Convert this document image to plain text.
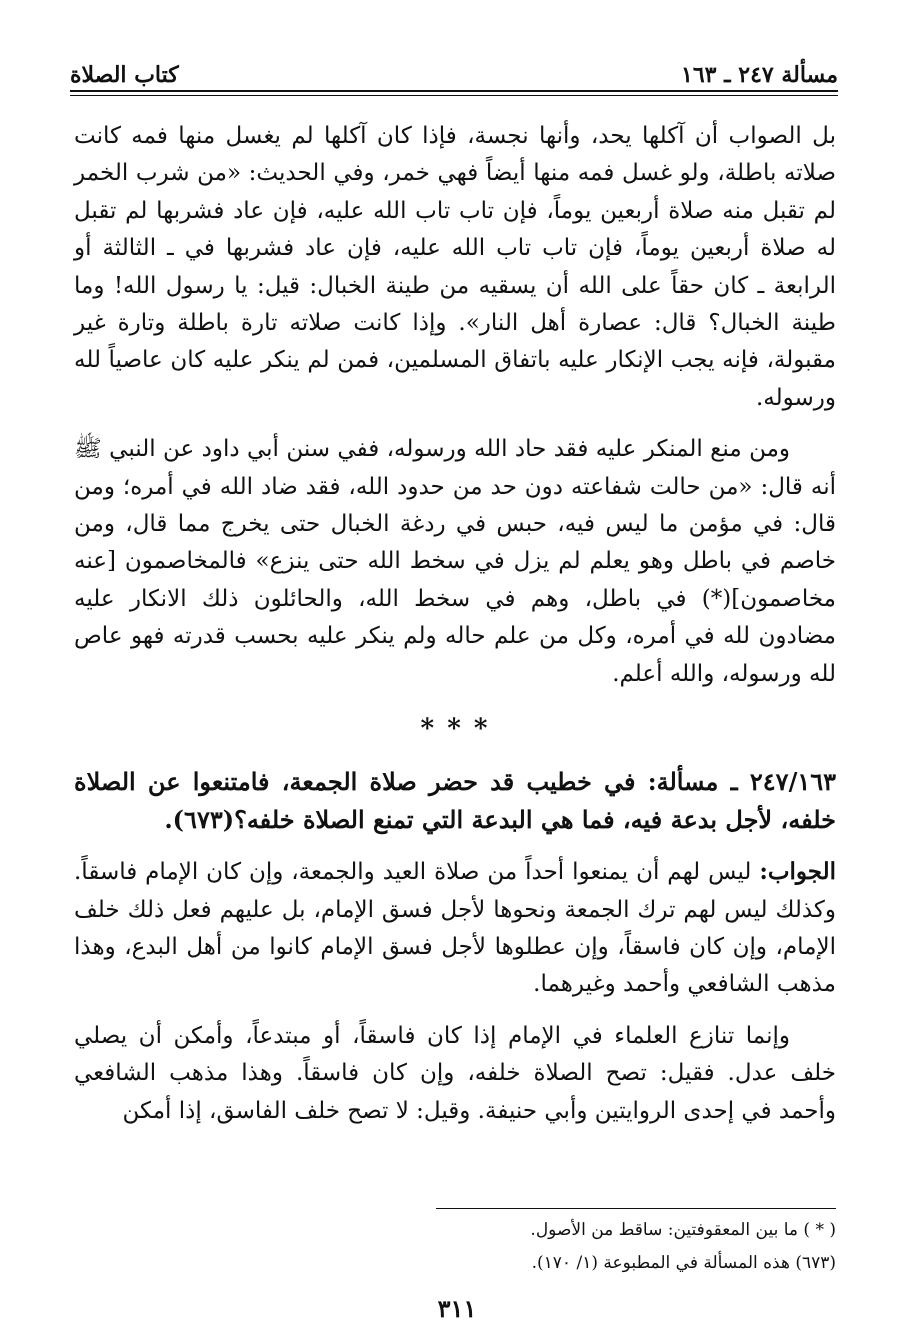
مسألة ٢٤٧ ـ ١٦٣
كتاب الصلاة

بل الصواب أن آكلها يحد، وأنها نجسة، فإذا كان آكلها لم يغسل منها فمه كانت صلاته باطلة، ولو غسل فمه منها أيضاً فهي خمر، وفي الحديث: «من شرب الخمر لم تقبل منه صلاة أربعين يوماً، فإن تاب تاب الله عليه، فإن عاد فشربها لم تقبل له صلاة أربعين يوماً، فإن تاب تاب الله عليه، فإن عاد فشربها في ـ الثالثة أو الرابعة ـ كان حقاً على الله أن يسقيه من طينة الخبال: قيل: يا رسول الله! وما طينة الخبال؟ قال: عصارة أهل النار». وإذا كانت صلاته تارة باطلة وتارة غير مقبولة، فإنه يجب الإنكار عليه باتفاق المسلمين، فمن لم ينكر عليه كان عاصياً لله ورسوله.

ومن منع المنكر عليه فقد حاد الله ورسوله، ففي سنن أبي داود عن النبي ﷺ أنه قال: «من حالت شفاعته دون حد من حدود الله، فقد ضاد الله في أمره؛ ومن قال: في مؤمن ما ليس فيه، حبس في ردغة الخبال حتى يخرج مما قال، ومن خاصم في باطل وهو يعلم لم يزل في سخط الله حتى ينزع» فالمخاصمون [عنه مخاصمون](*) في باطل، وهم في سخط الله، والحائلون ذلك الانكار عليه مضادون لله في أمره، وكل من علم حاله ولم ينكر عليه بحسب قدرته فهو عاص لله ورسوله، والله أعلم.

* * *

٢٤٧/١٦٣ ـ مسألة: في خطيب قد حضر صلاة الجمعة، فامتنعوا عن الصلاة خلفه، لأجل بدعة فيه، فما هي البدعة التي تمنع الصلاة خلفه؟(٦٧٣).

الجواب: ليس لهم أن يمنعوا أحداً من صلاة العيد والجمعة، وإن كان الإمام فاسقاً. وكذلك ليس لهم ترك الجمعة ونحوها لأجل فسق الإمام، بل عليهم فعل ذلك خلف الإمام، وإن كان فاسقاً، وإن عطلوها لأجل فسق الإمام كانوا من أهل البدع، وهذا مذهب الشافعي وأحمد وغيرهما.

وإنما تنازع العلماء في الإمام إذا كان فاسقاً، أو مبتدعاً، وأمكن أن يصلي خلف عدل. فقيل: تصح الصلاة خلفه، وإن كان فاسقاً. وهذا مذهب الشافعي وأحمد في إحدى الروايتين وأبي حنيفة. وقيل: لا تصح خلف الفاسق، إذا أمكن

( * ) ما بين المعقوفتين: ساقط من الأصول.
(٦٧٣) هذه المسألة في المطبوعة (١/ ١٧٠).
٣١١
